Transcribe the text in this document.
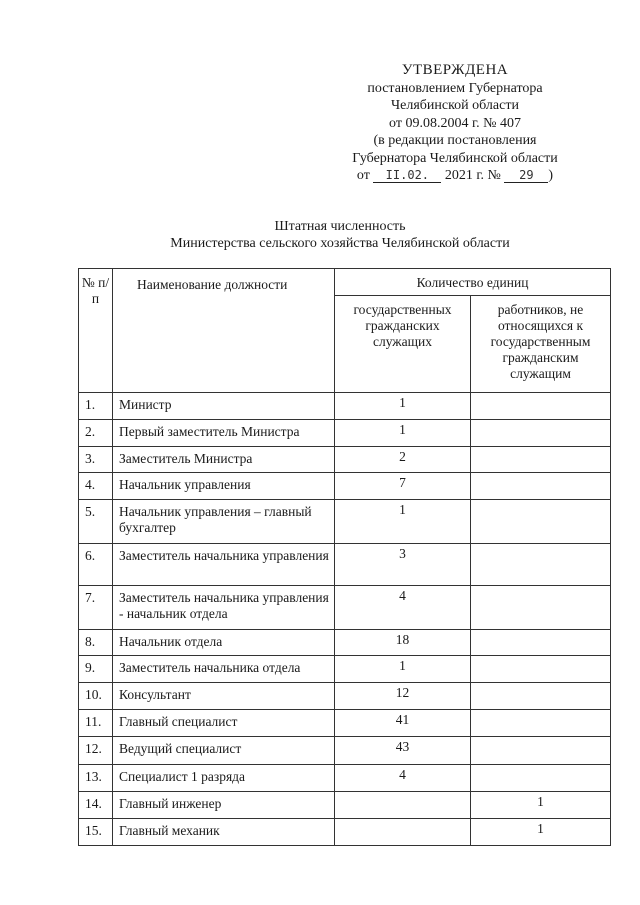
УТВЕРЖДЕНА
постановлением Губернатора
Челябинской области
от 09.08.2004 г. № 407
(в редакции постановления
Губернатора Челябинской области
от II.02. 2021 г. № 29 )
Штатная численность
Министерства сельского хозяйства Челябинской области
№ п/п	Наименование должности	Количество единиц	
		государственных гражданских служащих	работников, не относящихся к государственным гражданским служащим
1.	Министр	1	
2.	Первый заместитель Министра	1	
3.	Заместитель Министра	2	
4.	Начальник управления	7	
5.	Начальник управления – главный бухгалтер	1	
6.	Заместитель начальника управления	3	
7.	Заместитель начальника управления - начальник отдела	4	
8.	Начальник отдела	18	
9.	Заместитель начальника отдела	1	
10.	Консультант	12	
11.	Главный специалист	41	
12.	Ведущий специалист	43	
13.	Специалист 1 разряда	4	
14.	Главный инженер		1
15.	Главный механик		1
